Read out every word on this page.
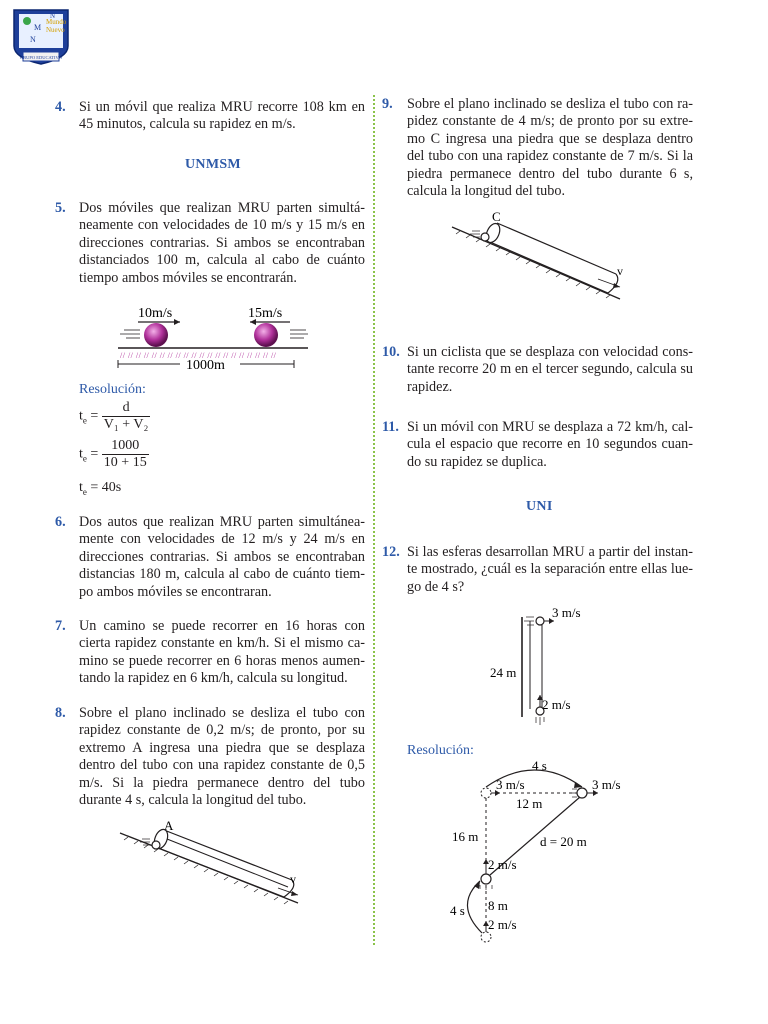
M
Mundo
Nuevo
N
N
GRUPO EDUCATIVO
4. Si un móvil que realiza MRU recorre 108 km en 45 minutos, calcula su rapidez en m/s.
UNMSM
5. Dos móviles que realizan MRU parten simultáneamente con velocidades de 10 m/s y 15 m/s en direcciones contrarias. Si ambos se encontraban distanciados 100 m, calcula al cabo de cuánto tiempo ambos móviles se encontrarán.
10m/s	15m/s
// // // // // // // // // // // // // // // // // // // //
1000m
Resolución:
$t_e = \frac{d}{\text{V₁ + V₂}}$
$t_e = \frac{1000}{10 + 15}$
$t_e = 40s$
6. Dos autos que realizan MRU parten simultáneamente con velocidades de 12 m/s y 24 m/s en direcciones contrarias. Si ambos se encontraban distancias 180 m, calcula al cabo de cuánto tiempo ambos móviles se encontraran.
7. Un camino se puede recorrer en 16 horas con cierta rapidez constante en km/h. Si el mismo camino se puede recorrer en 6 horas menos aumentando la rapidez en 6 km/h, calcula su longitud.
8. Sobre el plano inclinado se desliza el tubo con rapidez constante de 0,2 m/s; de pronto, por su extremo A ingresa una piedra que se desplaza dentro del tubo con una rapidez constante de 0,5 m/s. Si la piedra permanece dentro del tubo durante 4 s, calcula la longitud del tubo.
A
v
9. Sobre el plano inclinado se desliza el tubo con rapidez constante de 4 m/s; de pronto por su extremo C ingresa una piedra que se desplaza dentro del tubo con una rapidez constante de 7 m/s. Si la piedra permanece dentro del tubo durante 6 s, calcula la longitud del tubo.
C
v
10. Si un ciclista que se desplaza con velocidad constante recorre 20 m en el tercer segundo, calcula su rapidez.
11. Si un móvil con MRU se desplaza a 72 km/h, calcula el espacio que recorre en 10 segundos cuando su rapidez se duplica.
UNI
12. Si las esferas desarrollan MRU a partir del instante mostrado, ¿cuál es la separación entre ellas luego de 4 s?
3 m/s
24 m
2 m/s
Resolución:
4 s
3 m/s
12 m
3 m/s
16 m	d = 20 m
2 m/s
4 s 8 m
2 m/s
